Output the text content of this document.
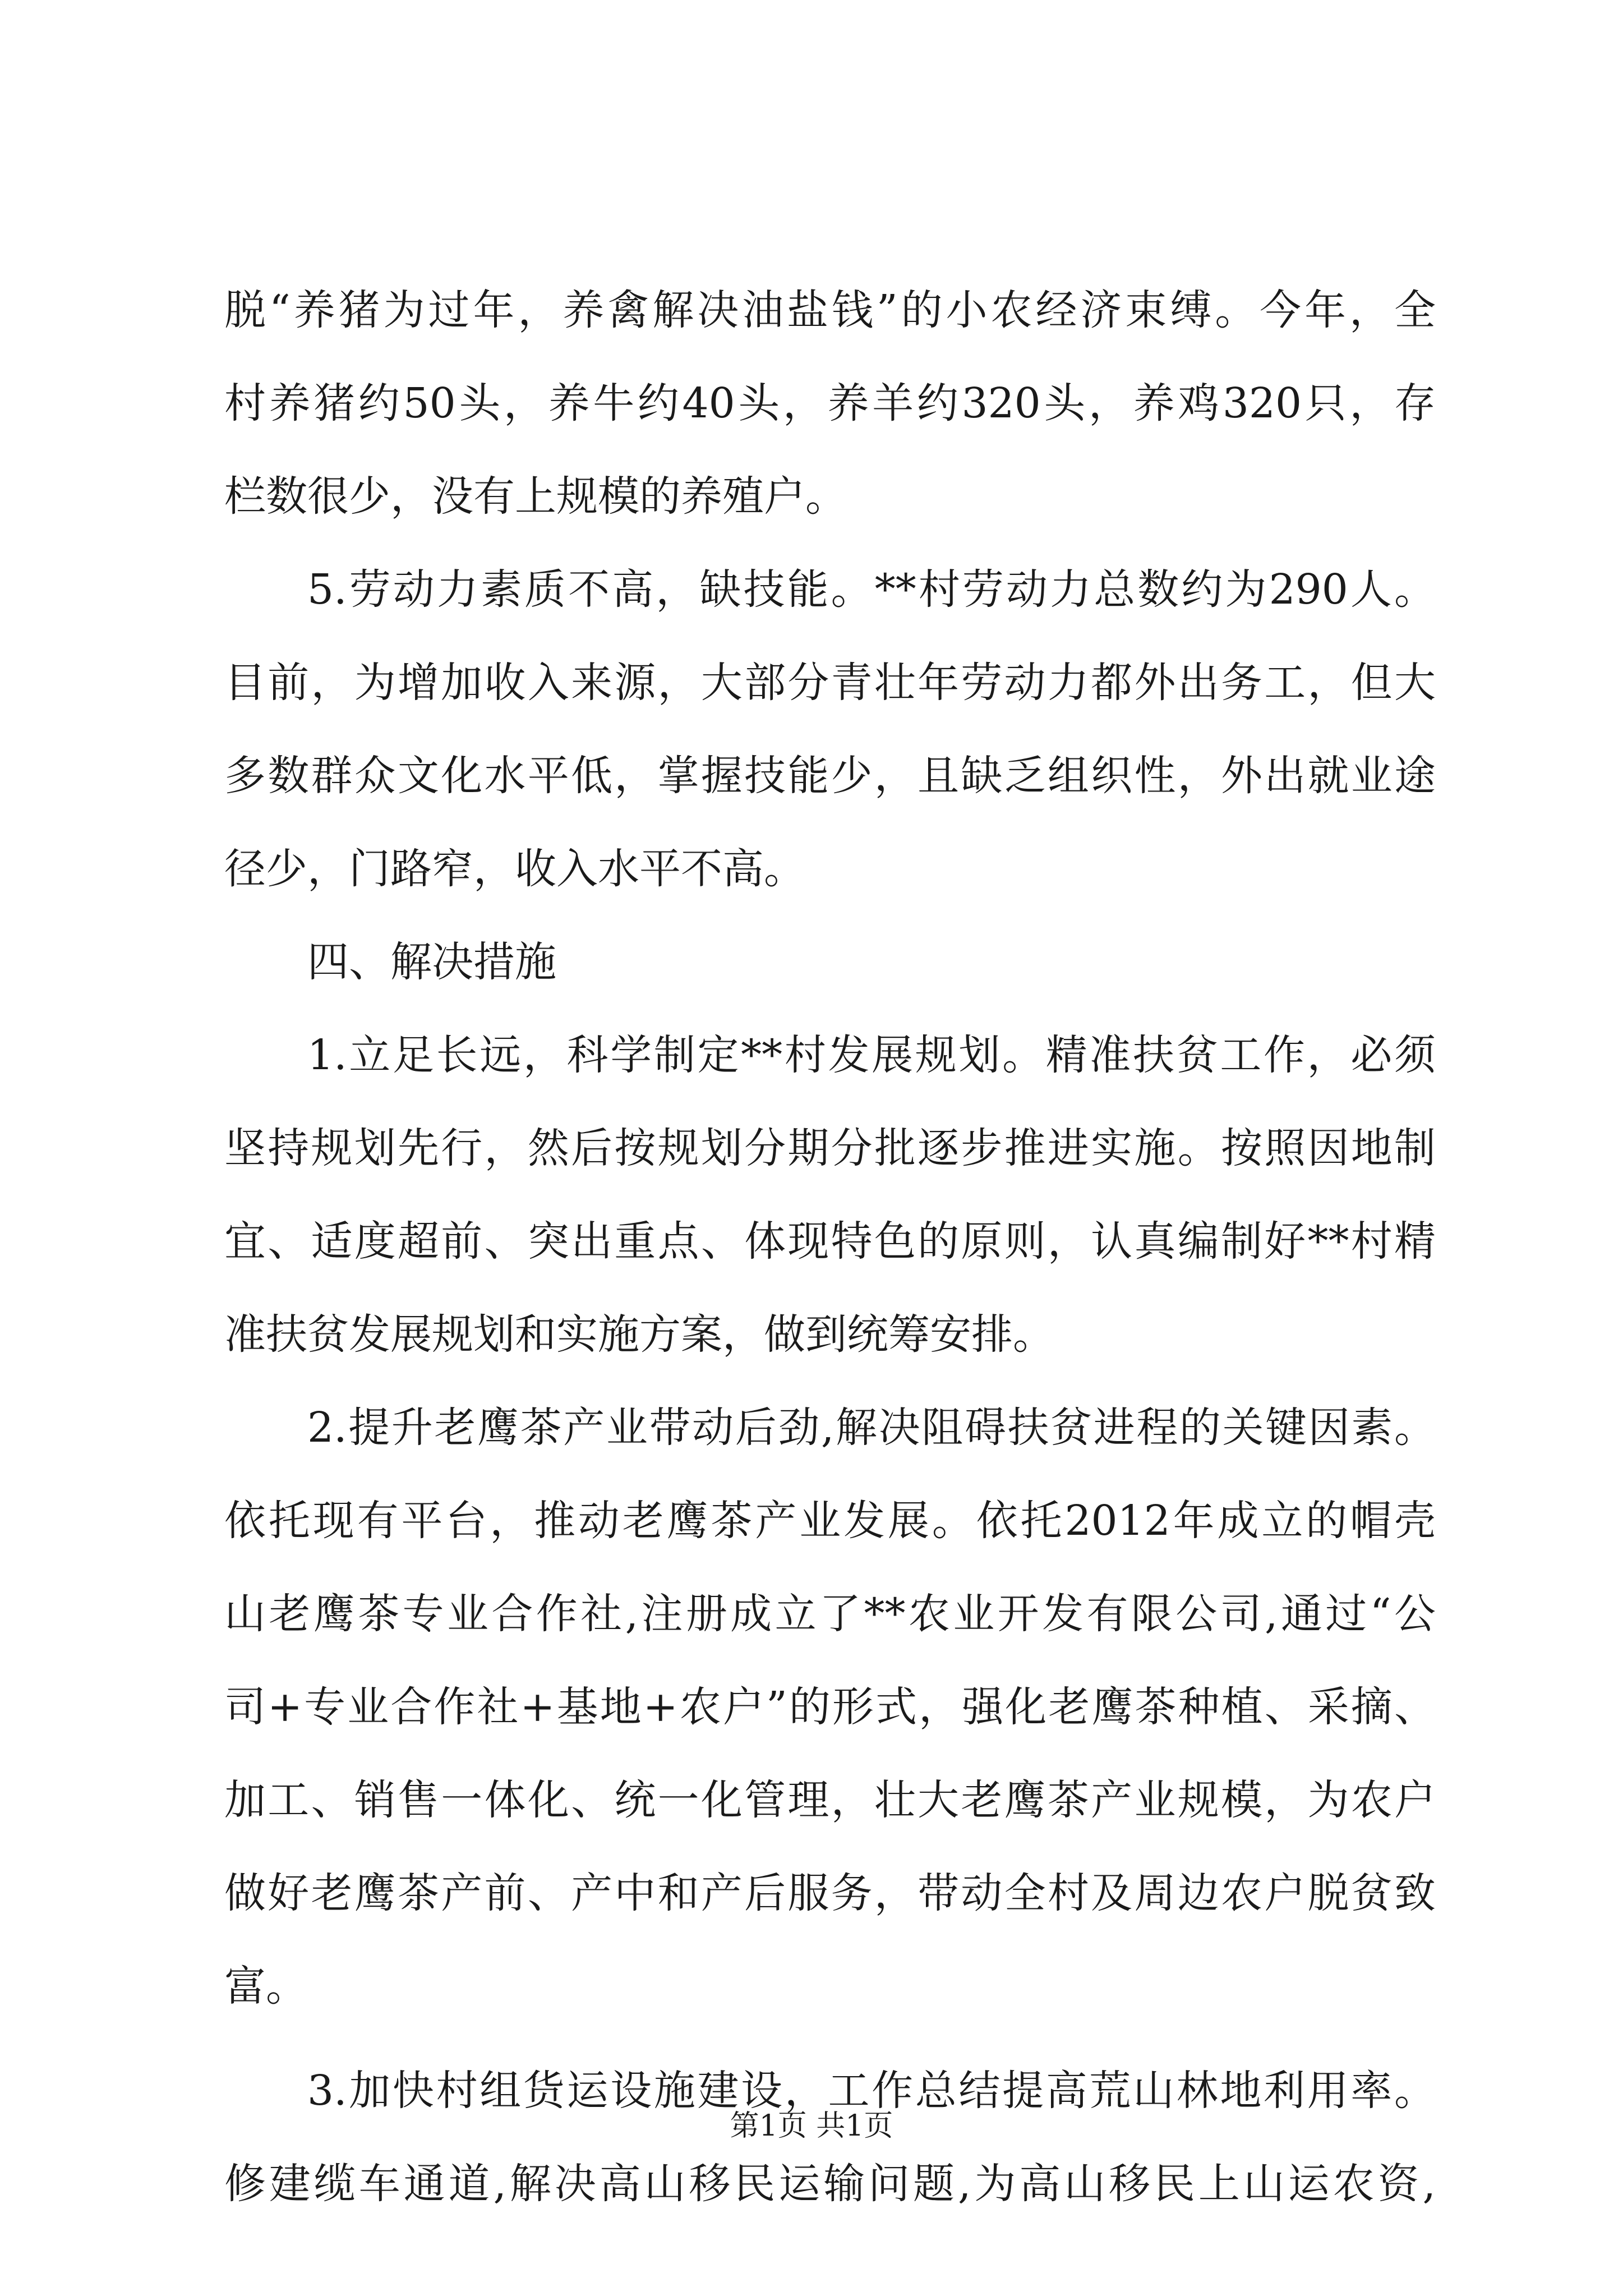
脱“养猪为过年，养禽解决油盐钱”的小农经济束缚。今年，全
村养猪约50头，养牛约40头，养羊约320头，养鸡320只，存
栏数很少，没有上规模的养殖户。
5.劳动力素质不高，缺技能。**村劳动力总数约为290人。
目前，为增加收入来源，大部分青壮年劳动力都外出务工，但大
多数群众文化水平低，掌握技能少，且缺乏组织性，外出就业途
径少，门路窄，收入水平不高。
四、解决措施
1.立足长远，科学制定**村发展规划。精准扶贫工作，必须
坚持规划先行，然后按规划分期分批逐步推进实施。按照因地制
宜、适度超前、突出重点、体现特色的原则，认真编制好**村精
准扶贫发展规划和实施方案，做到统筹安排。
2.提升老鹰茶产业带动后劲,解决阻碍扶贫进程的关键因素。
依托现有平台，推动老鹰茶产业发展。依托2012年成立的帽壳
山老鹰茶专业合作社,注册成立了**农业开发有限公司,通过“公
司+专业合作社+基地+农户”的形式，强化老鹰茶种植、采摘、
加工、销售一体化、统一化管理，壮大老鹰茶产业规模，为农户
做好老鹰茶产前、产中和产后服务，带动全村及周边农户脱贫致
富。
3.加快村组货运设施建设，工作总结提高荒山林地利用率。
修建缆车通道,解决高山移民运输问题,为高山移民上山运农资,
第1页 共1页
